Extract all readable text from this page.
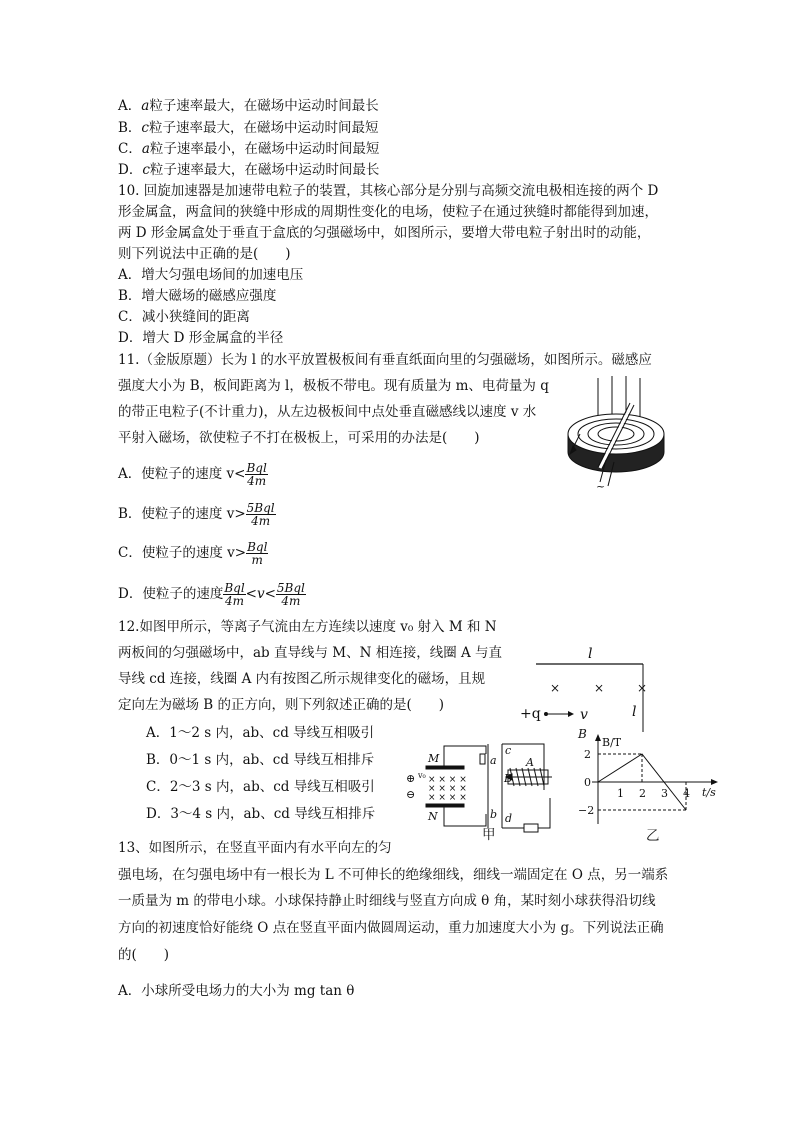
A．a粒子速率最大，在磁场中运动时间最长
B．c粒子速率最大，在磁场中运动时间最短
C．a粒子速率最小，在磁场中运动时间最短
D．c粒子速率最大，在磁场中运动时间最长
10. 回旋加速器是加速带电粒子的装置，其核心部分是分别与高频交流电极相连接的两个 D
形金属盒，两盒间的狭缝中形成的周期性变化的电场，使粒子在通过狭缝时都能得到加速，
两 D 形金属盒处于垂直于盒底的匀强磁场中，如图所示，要增大带电粒子射出时的动能，
则下列说法中正确的是(　　)
A．增大匀强电场间的加速电压
B．增大磁场的磁感应强度
C．减小狭缝间的距离
D．增大 D 形金属盒的半径
11.（金版原题）长为 l 的水平放置极板间有垂直纸面向里的匀强磁场，如图所示。磁感应
强度大小为 B，板间距离为 l，极板不带电。现有质量为 m、电荷量为 q
的带正电粒子(不计重力)，从左边极板间中点处垂直磁感线以速度 v 水
平射入磁场，欲使粒子不打在极板上，可采用的办法是(　　)
A．使粒子的速度 $v< \frac{\text{Bql}}{4m}$
B．使粒子的速度 $v> \frac{\text{5Bql}}{4m}$
C．使粒子的速度 $v> \frac{\text{Bql}}{m}$
D．使粒子的速度 $\frac{\text{Bql}}{4m} <v< \frac{\text{5Bql}}{4m}$
~
l
l
×	×	×
+q	v
B
12.如图甲所示，等离子气流由左方连续以速度 v₀ 射入 M 和 N
两板间的匀强磁场中，ab 直导线与 M、N 相连接，线圈 A 与直
导线 cd 连接，线圈 A 内有按图乙所示规律变化的磁场，且规
定向左为磁场 B 的正方向，则下列叙述正确的是(　　)
A．1～2 s 内，ab、cd 导线互相吸引
B．0～1 s 内，ab、cd 导线互相排斥
C．2～3 s 内，ab、cd 导线互相吸引
D．3～4 s 内，ab、cd 导线互相排斥
× × × ×
× × × ×
× × × ×
⊕
⊖
v₀
M
N
a
b
c
d
A
B
甲
B/T
t/s
1 2 3 4
2
0
−2
乙
13、如图所示，在竖直平面内有水平向左的匀
强电场，在匀强电场中有一根长为 L 不可伸长的绝缘细线，细线一端固定在 O 点，另一端系
一质量为 m 的带电小球。小球保持静止时细线与竖直方向成 θ 角，某时刻小球获得沿切线
方向的初速度恰好能绕 O 点在竖直平面内做圆周运动，重力加速度大小为 g。下列说法正确
的(　　)
A．小球所受电场力的大小为 mg tan θ
